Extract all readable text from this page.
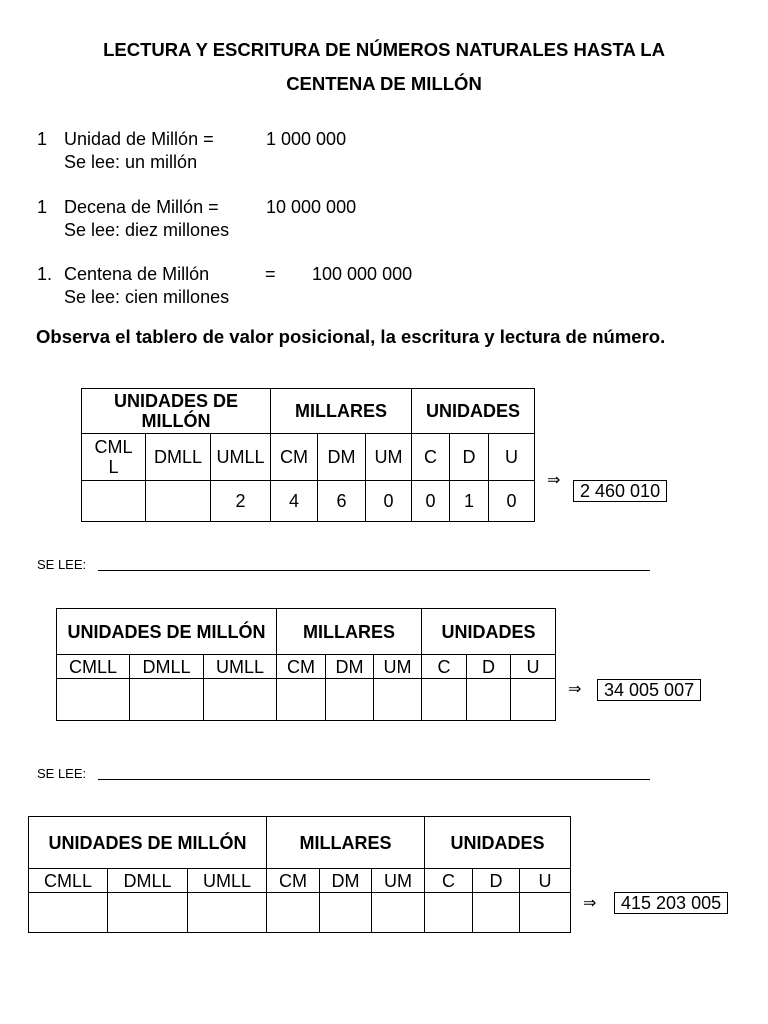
LECTURA Y ESCRITURA DE NÚMEROS NATURALES HASTA LA
CENTENA DE MILLÓN
1 Unidad de Millón =	1 000 000
Se lee: un millón
1 Decena de Millón =	10 000 000
Se lee: diez millones
1. Centena de Millón	= 100 000 000
Se lee: cien millones
Observa el tablero de valor posicional, la escritura y lectura de número.
UNIDADES DE MILLÓN			MILLARES			UNIDADES		

CML L	DMLL	UMLL	CM	DM	UM	C	D	U
		2	4	6	0	0	1	0
⇒
2 460 010
SE LEE:
UNIDADES DE MILLÓN			MILLARES			UNIDADES		
CMLL	DMLL	UMLL	CM	DM	UM	C	D	U

⇒	34 005 007
SE LEE:
UNIDADES DE MILLÓN			MILLARES			UNIDADES		
CMLL	DMLL	UMLL	CM	DM	UM	C	D	U

⇒	415 203 005
